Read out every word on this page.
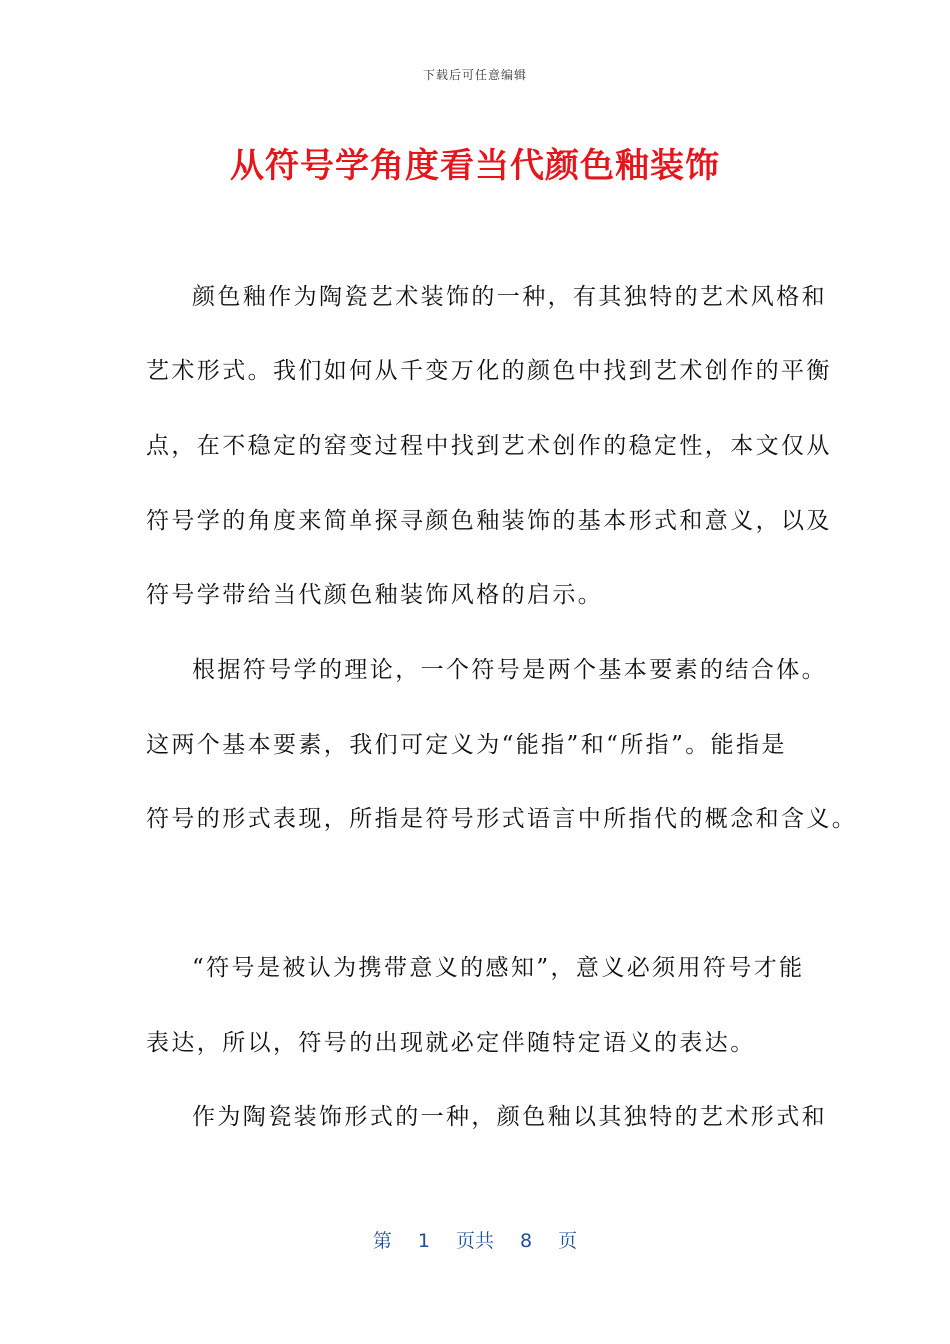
下载后可任意编辑
从符号学角度看当代颜色釉装饰
颜色釉作为陶瓷艺术装饰的一种，有其独特的艺术风格和
艺术形式。我们如何从千变万化的颜色中找到艺术创作的平衡
点，在不稳定的窑变过程中找到艺术创作的稳定性，本文仅从
符号学的角度来简单探寻颜色釉装饰的基本形式和意义，以及
符号学带给当代颜色釉装饰风格的启示。
根据符号学的理论，一个符号是两个基本要素的结合体。
这两个基本要素，我们可定义为“能指”和“所指”。能指是
符号的形式表现，所指是符号形式语言中所指代的概念和含义。
“符号是被认为携带意义的感知”，意义必须用符号才能
表达，所以，符号的出现就必定伴随特定语义的表达。
作为陶瓷装饰形式的一种，颜色釉以其独特的艺术形式和
第 1 页共 8 页
